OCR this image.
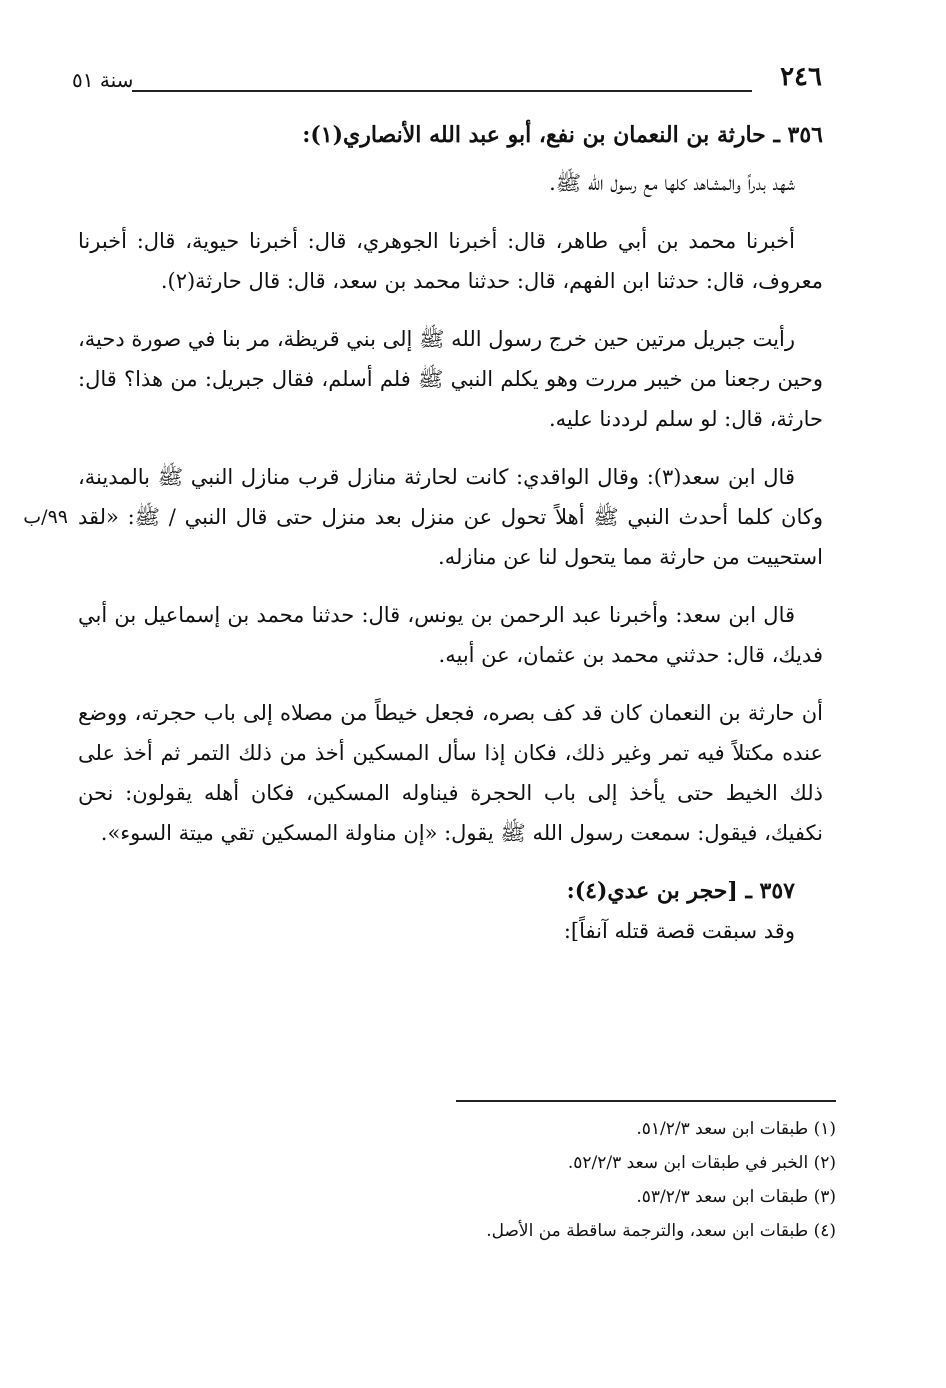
٢٤٦
سنة ٥١

٣٥٦ ـ حارثة بن النعمان بن نفع، أبو عبد الله الأنصاري(١):

شهد بدراً والمشاهد كلها مع رسول الله ﷺ.

أخبرنا محمد بن أبي طاهر، قال: أخبرنا الجوهري، قال: أخبرنا حيوية، قال: أخبرنا معروف، قال: حدثنا ابن الفهم، قال: حدثنا محمد بن سعد، قال: قال حارثة(٢).

رأيت جبريل مرتين حين خرج رسول الله ﷺ إلى بني قريظة، مر بنا في صورة دحية، وحين رجعنا من خيبر مررت وهو يكلم النبي ﷺ فلم أسلم، فقال جبريل: من هذا؟ قال: حارثة، قال: لو سلم لرددنا عليه.

٩٩/ب

قال ابن سعد(٣): وقال الواقدي: كانت لحارثة منازل قرب منازل النبي ﷺ بالمدينة، وكان كلما أحدث النبي ﷺ أهلاً تحول عن منزل بعد منزل حتى قال النبي / ﷺ: «لقد استحييت من حارثة مما يتحول لنا عن منازله.

قال ابن سعد: وأخبرنا عبد الرحمن بن يونس، قال: حدثنا محمد بن إسماعيل بن أبي فديك، قال: حدثني محمد بن عثمان، عن أبيه.

أن حارثة بن النعمان كان قد كف بصره، فجعل خيطاً من مصلاه إلى باب حجرته، ووضع عنده مكتلاً فيه تمر وغير ذلك، فكان إذا سأل المسكين أخذ من ذلك التمر ثم أخذ على ذلك الخيط حتى يأخذ إلى باب الحجرة فيناوله المسكين، فكان أهله يقولون: نحن نكفيك، فيقول: سمعت رسول الله ﷺ يقول: «إن مناولة المسكين تقي ميتة السوء».

٣٥٧ ـ [حجر بن عدي(٤):

وقد سبقت قصة قتله آنفاً]:

(١) طبقات ابن سعد ٥١/٢/٣.

(٢) الخبر في طبقات ابن سعد ٥٢/٢/٣.

(٣) طبقات ابن سعد ٥٣/٢/٣.

(٤) طبقات ابن سعد، والترجمة ساقطة من الأصل.
